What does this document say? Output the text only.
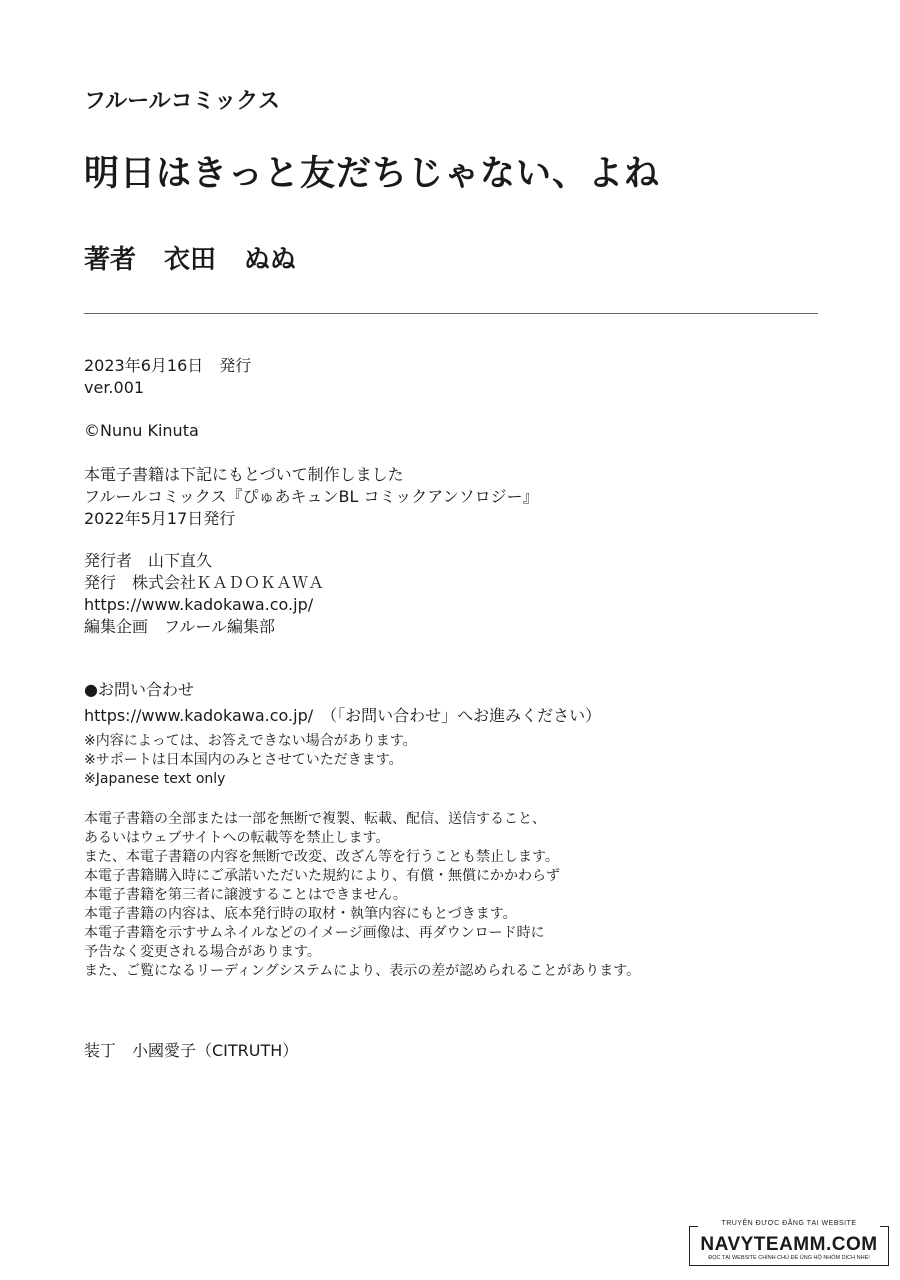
フルールコミックス
明日はきっと友だちじゃない、よね
著者 衣田 ぬぬ
2023年6月16日　発行
ver.001
©Nunu Kinuta
本電子書籍は下記にもとづいて制作しました
フルールコミックス『ぴゅあキュンBL コミックアンソロジー』
2022年5月17日発行
発行者　山下直久
発行　株式会社ＫＡＤＯＫＡＷＡ
https://www.kadokawa.co.jp/
編集企画　フルール編集部
●お問い合わせ
https://www.kadokawa.co.jp/　（「お問い合わせ」へお進みください）
※内容によっては、お答えできない場合があります。
※サポートは日本国内のみとさせていただきます。
※Japanese text only
本電子書籍の全部または一部を無断で複製、転載、配信、送信すること、
あるいはウェブサイトへの転載等を禁止します。
また、本電子書籍の内容を無断で改変、改ざん等を行うことも禁止します。
本電子書籍購入時にご承諾いただいた規約により、有償・無償にかかわらず
本電子書籍を第三者に譲渡することはできません。
本電子書籍の内容は、底本発行時の取材・執筆内容にもとづきます。
本電子書籍を示すサムネイルなどのイメージ画像は、再ダウンロード時に
予告なく変更される場合があります。
また、ご覧になるリーディングシステムにより、表示の差が認められることがあります。
装丁　小國愛子（CITRUTH）
TRUYỆN ĐƯỢC ĐĂNG TẠI WEBSITE
NAVYTEAMM.COM
ĐỌC TẠI WEBSITE CHÍNH CHỦ ĐỂ ỦNG HỘ NHÓM DỊCH NHÉ!
